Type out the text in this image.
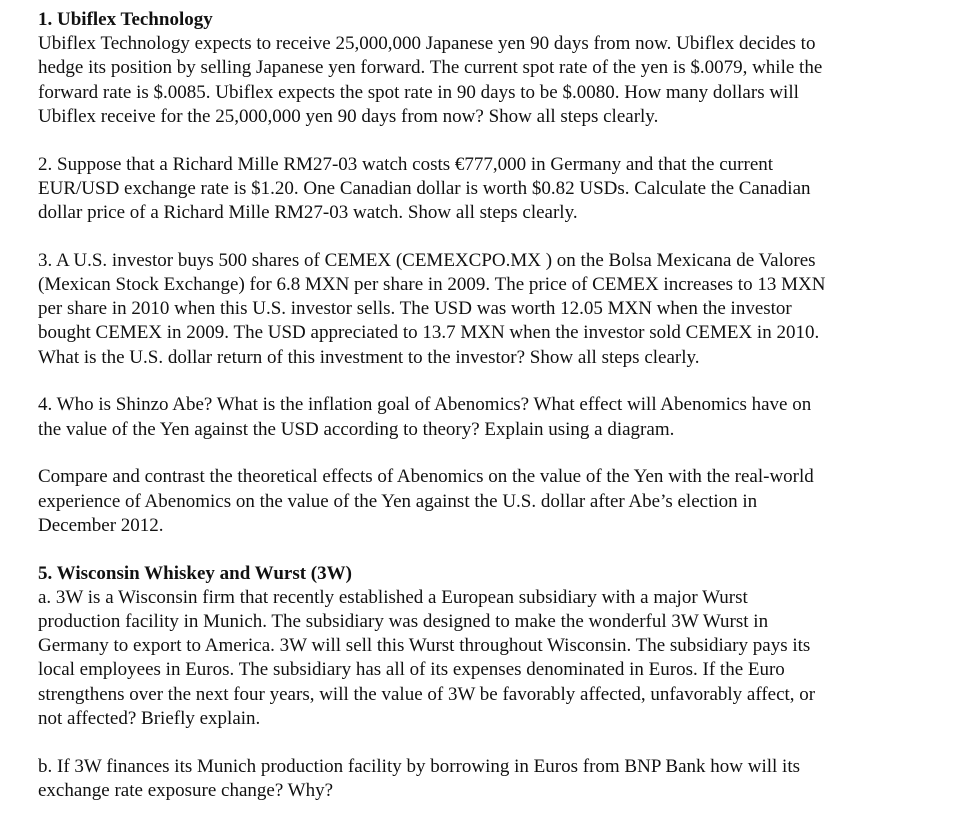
1. Ubiflex Technology
Ubiflex Technology expects to receive 25,000,000 Japanese yen 90 days from now. Ubiflex decides to
hedge its position by selling Japanese yen forward. The current spot rate of the yen is $.0079, while the
forward rate is $.0085. Ubiflex expects the spot rate in 90 days to be $.0080. How many dollars will
Ubiflex receive for the 25,000,000 yen 90 days from now? Show all steps clearly.
2. Suppose that a Richard Mille RM27-03 watch costs €777,000 in Germany and that the current
EUR/USD exchange rate is $1.20. One Canadian dollar is worth $0.82 USDs. Calculate the Canadian
dollar price of a Richard Mille RM27-03 watch. Show all steps clearly.
3. A U.S. investor buys 500 shares of CEMEX (CEMEXCPO.MX ) on the Bolsa Mexicana de Valores
(Mexican Stock Exchange) for 6.8 MXN per share in 2009. The price of CEMEX increases to 13 MXN
per share in 2010 when this U.S. investor sells. The USD was worth 12.05 MXN when the investor
bought CEMEX in 2009. The USD appreciated to 13.7 MXN when the investor sold CEMEX in 2010.
What is the U.S. dollar return of this investment to the investor? Show all steps clearly.
4. Who is Shinzo Abe? What is the inflation goal of Abenomics? What effect will Abenomics have on
the value of the Yen against the USD according to theory? Explain using a diagram.
Compare and contrast the theoretical effects of Abenomics on the value of the Yen with the real-world
experience of Abenomics on the value of the Yen against the U.S. dollar after Abe’s election in
December 2012.
5. Wisconsin Whiskey and Wurst (3W)
a. 3W is a Wisconsin firm that recently established a European subsidiary with a major Wurst
production facility in Munich. The subsidiary was designed to make the wonderful 3W Wurst in
Germany to export to America. 3W will sell this Wurst throughout Wisconsin. The subsidiary pays its
local employees in Euros. The subsidiary has all of its expenses denominated in Euros. If the Euro
strengthens over the next four years, will the value of 3W be favorably affected, unfavorably affect, or
not affected? Briefly explain.
b. If 3W finances its Munich production facility by borrowing in Euros from BNP Bank how will its
exchange rate exposure change? Why?
